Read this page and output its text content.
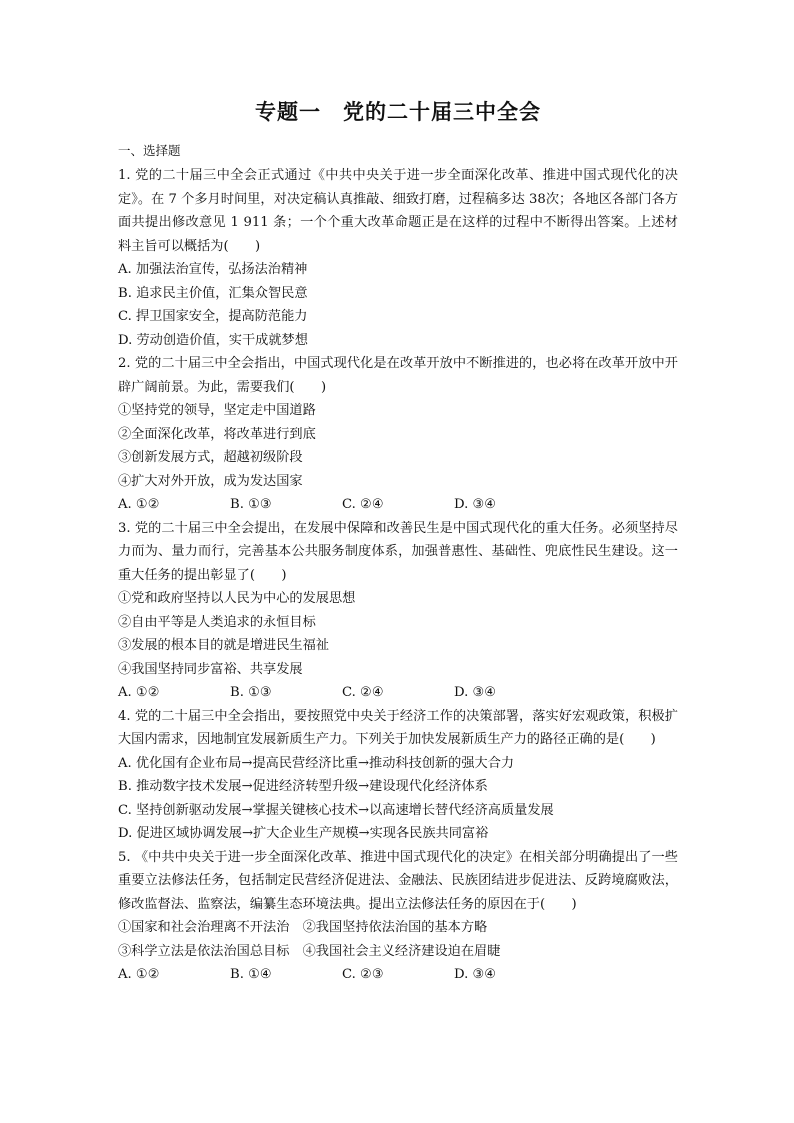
专题一　党的二十届三中全会
一、选择题
1. 党的二十届三中全会正式通过《中共中央关于进一步全面深化改革、推进中国式现代化的决定》。在 7 个多月时间里，对决定稿认真推敲、细致打磨，过程稿多达 38次；各地区各部门各方面共提出修改意见 1 911 条；一个个重大改革命题正是在这样的过程中不断得出答案。上述材料主旨可以概括为(　　)
A. 加强法治宣传，弘扬法治精神
B. 追求民主价值，汇集众智民意
C. 捍卫国家安全，提高防范能力
D. 劳动创造价值，实干成就梦想
2. 党的二十届三中全会指出，中国式现代化是在改革开放中不断推进的，也必将在改革开放中开辟广阔前景。为此，需要我们(　　)
①坚持党的领导，坚定走中国道路
②全面深化改革，将改革进行到底
③创新发展方式，超越初级阶段
④扩大对外开放，成为发达国家
A. ①②	B. ①③	C. ②④	D. ③④
3. 党的二十届三中全会提出，在发展中保障和改善民生是中国式现代化的重大任务。必须坚持尽力而为、量力而行，完善基本公共服务制度体系，加强普惠性、基础性、兜底性民生建设。这一重大任务的提出彰显了(　　)
①党和政府坚持以人民为中心的发展思想
②自由平等是人类追求的永恒目标
③发展的根本目的就是增进民生福祉
④我国坚持同步富裕、共享发展
A. ①②	B. ①③	C. ②④	D. ③④
4. 党的二十届三中全会指出，要按照党中央关于经济工作的决策部署，落实好宏观政策，积极扩大国内需求，因地制宜发展新质生产力。下列关于加快发展新质生产力的路径正确的是(　　)
A. 优化国有企业布局→提高民营经济比重→推动科技创新的强大合力
B. 推动数字技术发展→促进经济转型升级→建设现代化经济体系
C. 坚持创新驱动发展→掌握关键核心技术→以高速增长替代经济高质量发展
D. 促进区域协调发展→扩大企业生产规模→实现各民族共同富裕
5. 《中共中央关于进一步全面深化改革、推进中国式现代化的决定》在相关部分明确提出了一些重要立法修法任务，包括制定民营经济促进法、金融法、民族团结进步促进法、反跨境腐败法，修改监督法、监察法，编纂生态环境法典。提出立法修法任务的原因在于(　　)
①国家和社会治理离不开法治　②我国坚持依法治国的基本方略
③科学立法是依法治国总目标　④我国社会主义经济建设迫在眉睫
A. ①②	B. ①④	C. ②③	D. ③④
